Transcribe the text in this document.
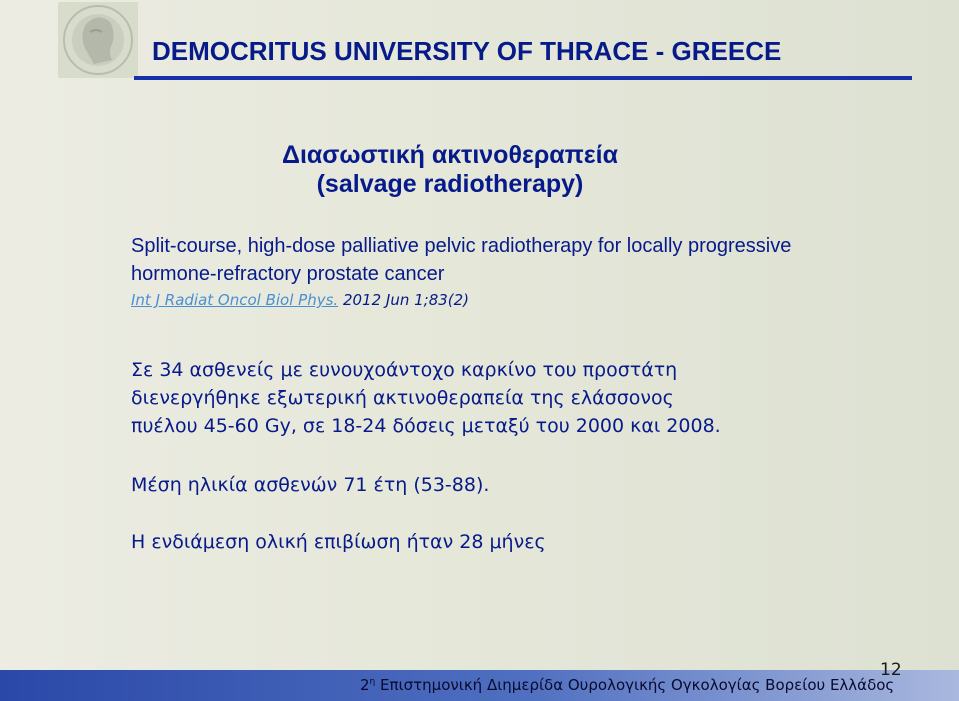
DEMOCRITUS UNIVERSITY OF THRACE - GREECE
Διασωστική ακτινοθεραπεία
(salvage radiotherapy)
Split-course, high-dose palliative pelvic radiotherapy for locally progressive hormone-refractory prostate cancer
Int J Radiat Oncol Biol Phys. 2012 Jun 1;83(2)
Σε 34 ασθενείς με ευνουχοάντοχο καρκίνο του προστάτη
διενεργήθηκε εξωτερική ακτινοθεραπεία της ελάσσονος
πυέλου 45-60 Gy, σε 18-24 δόσεις μεταξύ του 2000 και 2008.
Μέση ηλικία ασθενών 71 έτη (53-88).
Η ενδιάμεση ολική επιβίωση ήταν 28 μήνες
$2^\eta$ Επιστημονική Διημερίδα Ουρολογικής Ογκολογίας Βορείου Ελλάδος
12
